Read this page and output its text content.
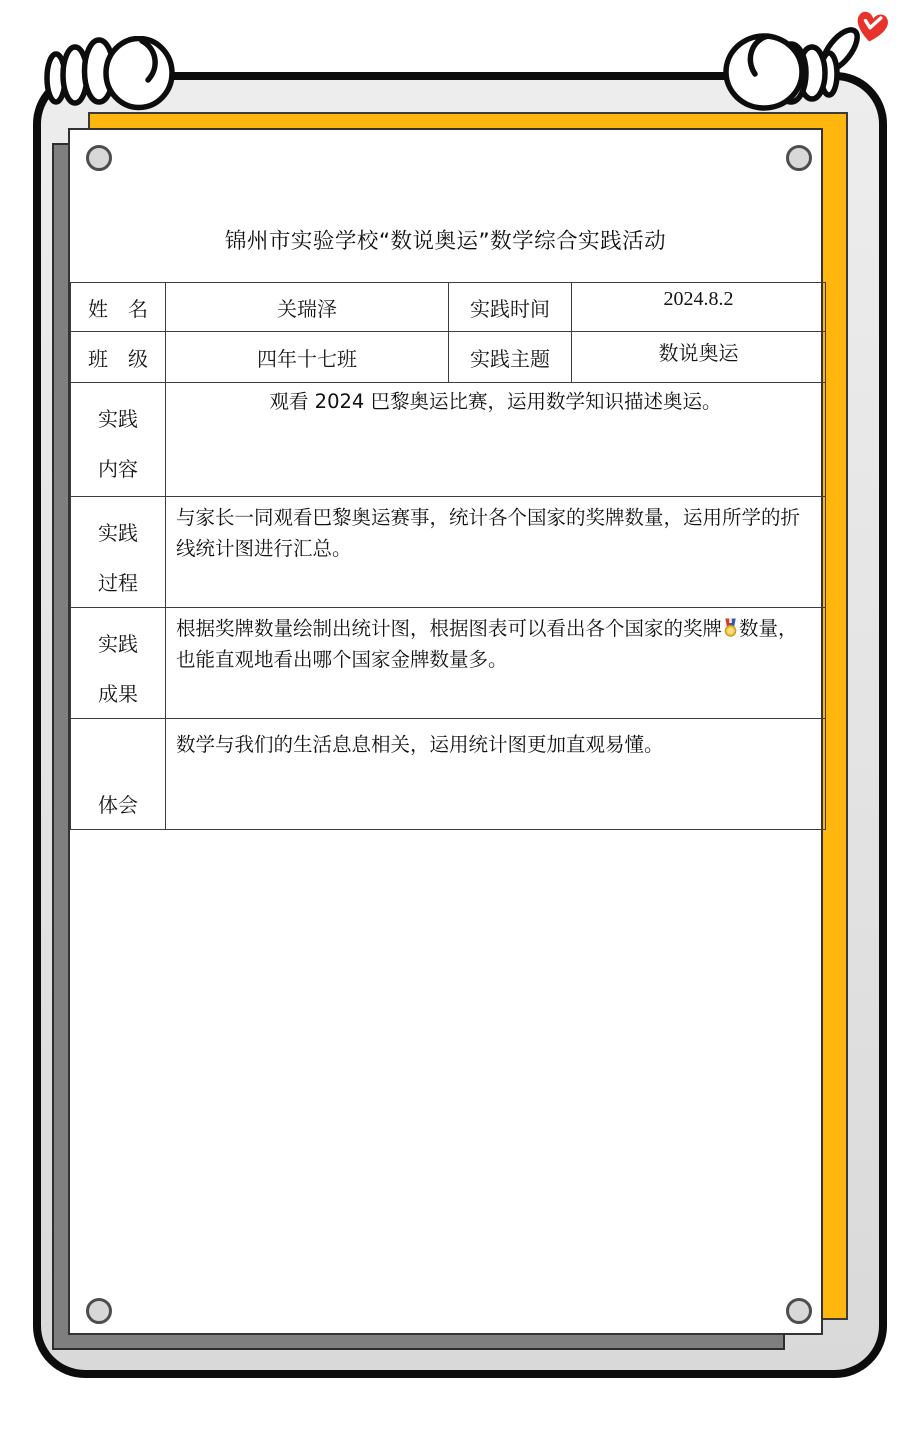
锦州市实验学校“数说奥运”数学综合实践活动
姓　名	关瑞泽	实践时间	2024.8.2
班　级	四年十七班	实践主题	数说奥运

实践
内容	观看 2024 巴黎奥运比赛，运用数学知识描述奥运。		

实践
过程	与家长一同观看巴黎奥运赛事，统计各个国家的奖牌数量，运用所学的折线统计图进行汇总。		

实践
成果	根据奖牌数量绘制出统计图，根据图表可以看出各个国家的奖牌 数量，也能直观地看出哪个国家金牌数量多。		

体会	数学与我们的生活息息相关，运用统计图更加直观易懂。		
